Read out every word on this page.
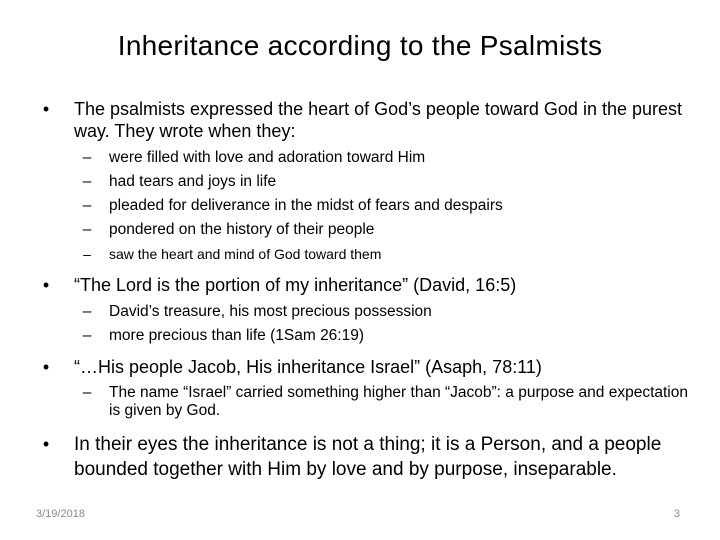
Inheritance according to the Psalmists
•	The psalmists expressed the heart of God’s people toward God in the purest way. They wrote when they:
– were filled with love and adoration toward Him
– had tears and joys in life
– pleaded for deliverance in the midst of fears and despairs
– pondered on the history of their people
– saw the heart and mind of God toward them
•	“The Lord is the portion of my inheritance” (David, 16:5)
– David’s treasure, his most precious possession
– more precious than life (1Sam 26:19)
•	“…His people Jacob, His inheritance Israel” (Asaph, 78:11)
– The name “Israel” carried something higher than “Jacob”: a purpose and expectation is given by God.
•	In their eyes the inheritance is not a thing; it is a Person, and a people bounded together with Him by love and by purpose, inseparable.
3/19/2018	3
